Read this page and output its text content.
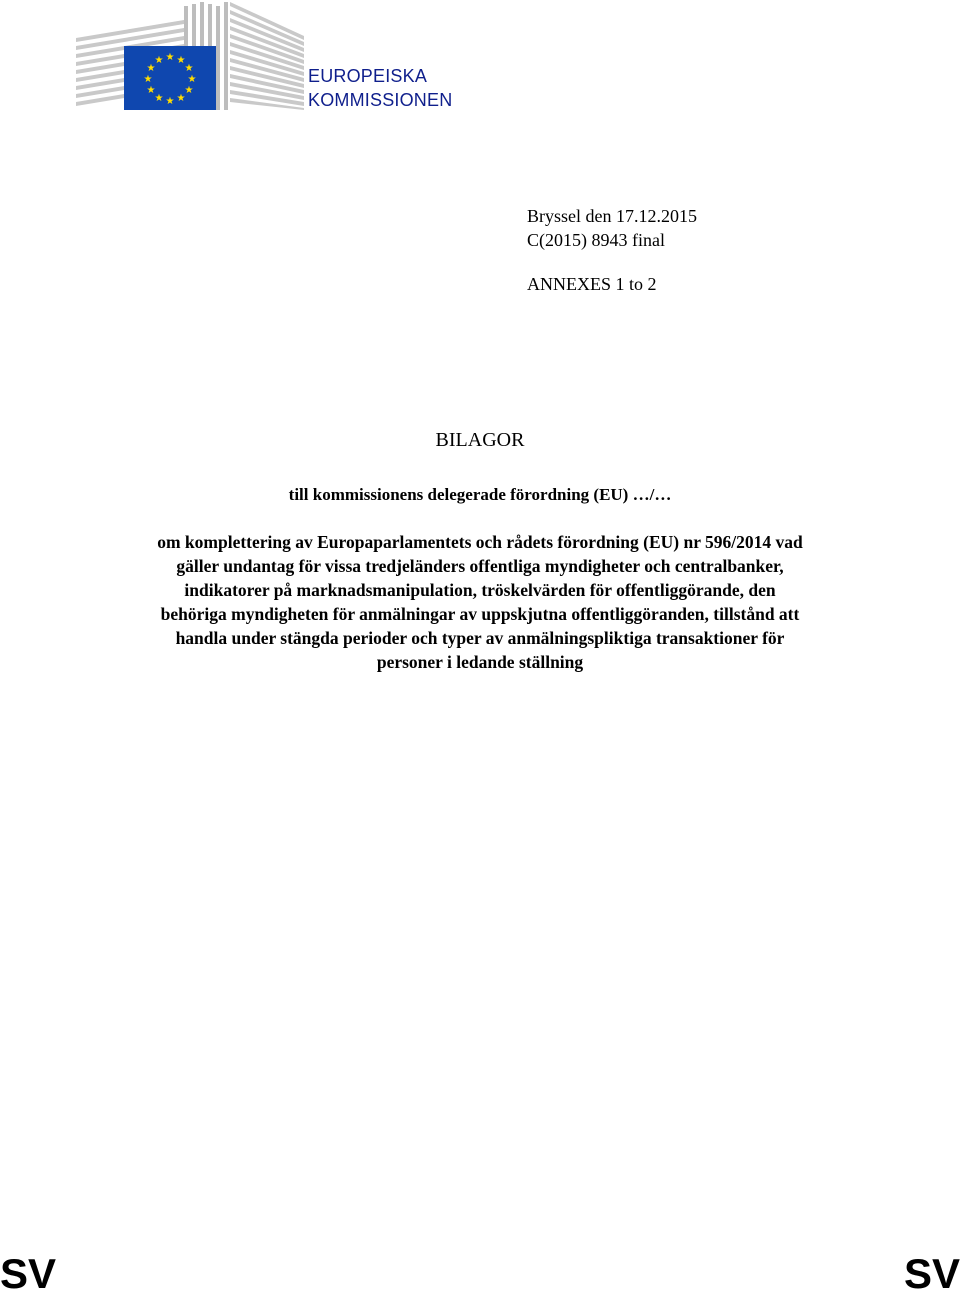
★ ★
★
★
★
★
★
★
★
★
★
★
EUROPEISKA
KOMMISSIONEN
Bryssel den 17.12.2015
C(2015) 8943 final
ANNEXES 1 to 2
BILAGOR
till kommissionens delegerade förordning (EU) …/…
om komplettering av Europaparlamentets och rådets förordning (EU) nr 596/2014 vad
gäller undantag för vissa tredjeländers offentliga myndigheter och centralbanker,
indikatorer på marknadsmanipulation, tröskelvärden för offentliggörande, den
behöriga myndigheten för anmälningar av uppskjutna offentliggöranden, tillstånd att
handla under stängda perioder och typer av anmälningspliktiga transaktioner för
personer i ledande ställning
SV	SV
